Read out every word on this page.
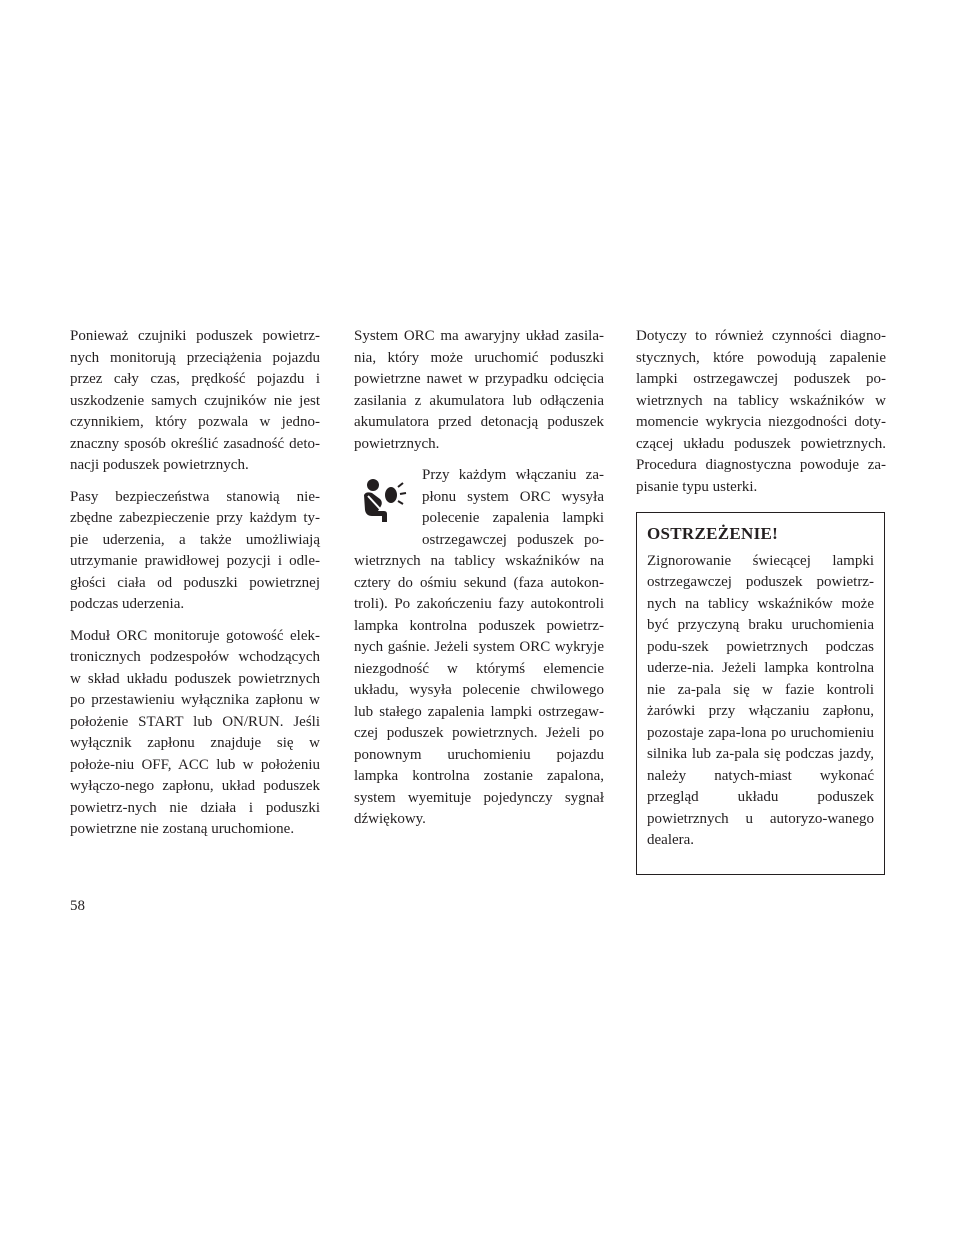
Ponieważ czujniki poduszek powietrz-nych monitorują przeciążenia pojazdu przez cały czas, prędkość pojazdu i uszkodzenie samych czujników nie jest czynnikiem, który pozwala w jedno-znaczny sposób określić zasadność deto-nacji poduszek powietrznych.

Pasy bezpieczeństwa stanowią nie-zbędne zabezpieczenie przy każdym ty-pie uderzenia, a także umożliwiają utrzymanie prawidłowej pozycji i odle-głości ciała od poduszki powietrznej podczas uderzenia.

Moduł ORC monitoruje gotowość elek-tronicznych podzespołów wchodzących w skład układu poduszek powietrznych po przestawieniu wyłącznika zapłonu w położenie START lub ON/RUN. Jeśli wyłącznik zapłonu znajduje się w położe-niu OFF, ACC lub w położeniu wyłączo-nego zapłonu, układ poduszek powietrz-nych nie działa i poduszki powietrzne nie zostaną uruchomione.

System ORC ma awaryjny układ zasila-nia, który może uruchomić poduszki powietrzne nawet w przypadku odcięcia zasilania z akumulatora lub odłączenia akumulatora przed detonacją poduszek powietrznych.

Przy każdym włączaniu za-płonu system ORC wysyła polecenie zapalenia lampki ostrzegawczej poduszek po-wietrznych na tablicy wskaźników na cztery do ośmiu sekund (faza autokon-troli). Po zakończeniu fazy autokontroli lampka kontrolna poduszek powietrz-nych gaśnie. Jeżeli system ORC wykryje niezgodność w którymś elemencie układu, wysyła polecenie chwilowego lub stałego zapalenia lampki ostrzegaw-czej poduszek powietrznych. Jeżeli po ponownym uruchomieniu pojazdu lampka kontrolna zostanie zapalona, system wyemituje pojedynczy sygnał dźwiękowy.

Dotyczy to również czynności diagno-stycznych, które powodują zapalenie lampki ostrzegawczej poduszek po-wietrznych na tablicy wskaźników w momencie wykrycia niezgodności doty-czącej układu poduszek powietrznych. Procedura diagnostyczna powoduje za-pisanie typu usterki.

OSTRZEŻENIE!

Zignorowanie świecącej lampki ostrzegawczej poduszek powietrz-nych na tablicy wskaźników może być przyczyną braku uruchomienia podu-szek powietrznych podczas uderze-nia. Jeżeli lampka kontrolna nie za-pala się w fazie kontroli żarówki przy włączaniu zapłonu, pozostaje zapa-lona po uruchomieniu silnika lub za-pala się podczas jazdy, należy natych-miast wykonać przegląd układu poduszek powietrznych u autoryzo-wanego dealera.

58
